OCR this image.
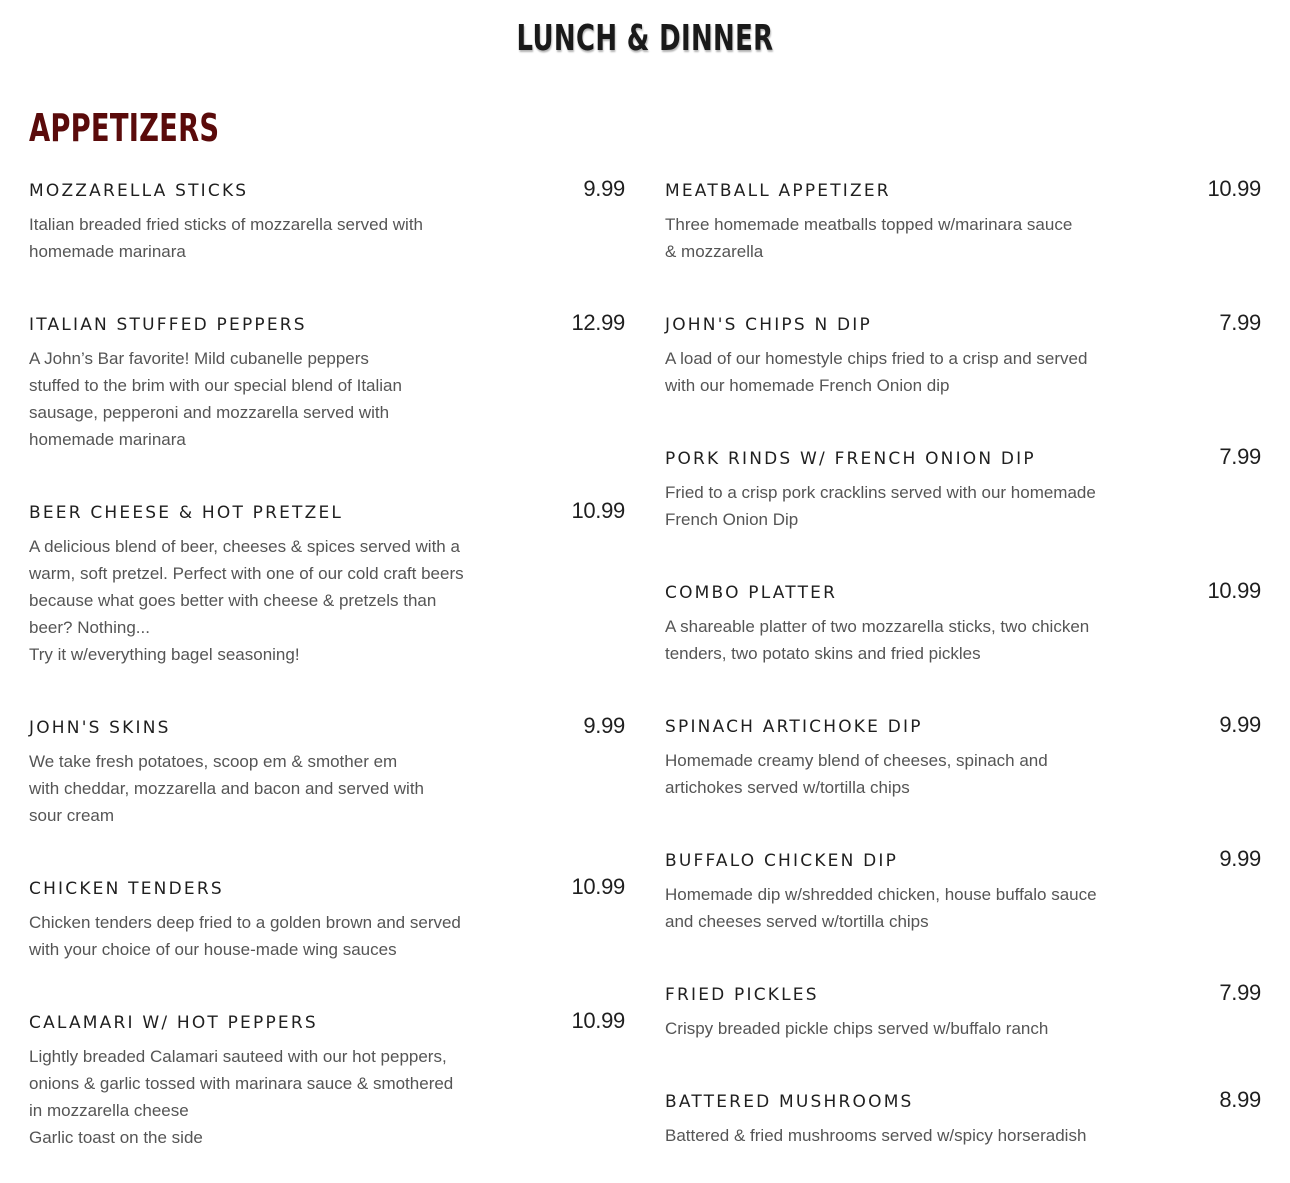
LUNCH & DINNER
APPETIZERS
MOZZARELLA STICKS	9.99
Italian breaded fried sticks of mozzarella served with
homemade marinara
ITALIAN STUFFED PEPPERS	12.99
A John’s Bar favorite! Mild cubanelle peppers
stuffed to the brim with our special blend of Italian
sausage, pepperoni and mozzarella served with
homemade marinara
BEER CHEESE & HOT PRETZEL	10.99
A delicious blend of beer, cheeses & spices served with a
warm, soft pretzel. Perfect with one of our cold craft beers
because what goes better with cheese & pretzels than
beer? Nothing...
Try it w/everything bagel seasoning!
JOHN'S SKINS	9.99
We take fresh potatoes, scoop em & smother em
with cheddar, mozzarella and bacon and served with
sour cream
CHICKEN TENDERS	10.99
Chicken tenders deep fried to a golden brown and served
with your choice of our house-made wing sauces
CALAMARI W/ HOT PEPPERS	10.99
Lightly breaded Calamari sauteed with our hot peppers,
onions & garlic tossed with marinara sauce & smothered
in mozzarella cheese
Garlic toast on the side
MEATBALL APPETIZER	10.99
Three homemade meatballs topped w/marinara sauce
& mozzarella
JOHN'S CHIPS N DIP	7.99
A load of our homestyle chips fried to a crisp and served
with our homemade French Onion dip
PORK RINDS W/ FRENCH ONION DIP	7.99
Fried to a crisp pork cracklins served with our homemade
French Onion Dip
COMBO PLATTER	10.99
A shareable platter of two mozzarella sticks, two chicken
tenders, two potato skins and fried pickles
SPINACH ARTICHOKE DIP	9.99
Homemade creamy blend of cheeses, spinach and
artichokes served w/tortilla chips
BUFFALO CHICKEN DIP	9.99
Homemade dip w/shredded chicken, house buffalo sauce
and cheeses served w/tortilla chips
FRIED PICKLES	7.99
Crispy breaded pickle chips served w/buffalo ranch
BATTERED MUSHROOMS	8.99
Battered & fried mushrooms served w/spicy horseradish
